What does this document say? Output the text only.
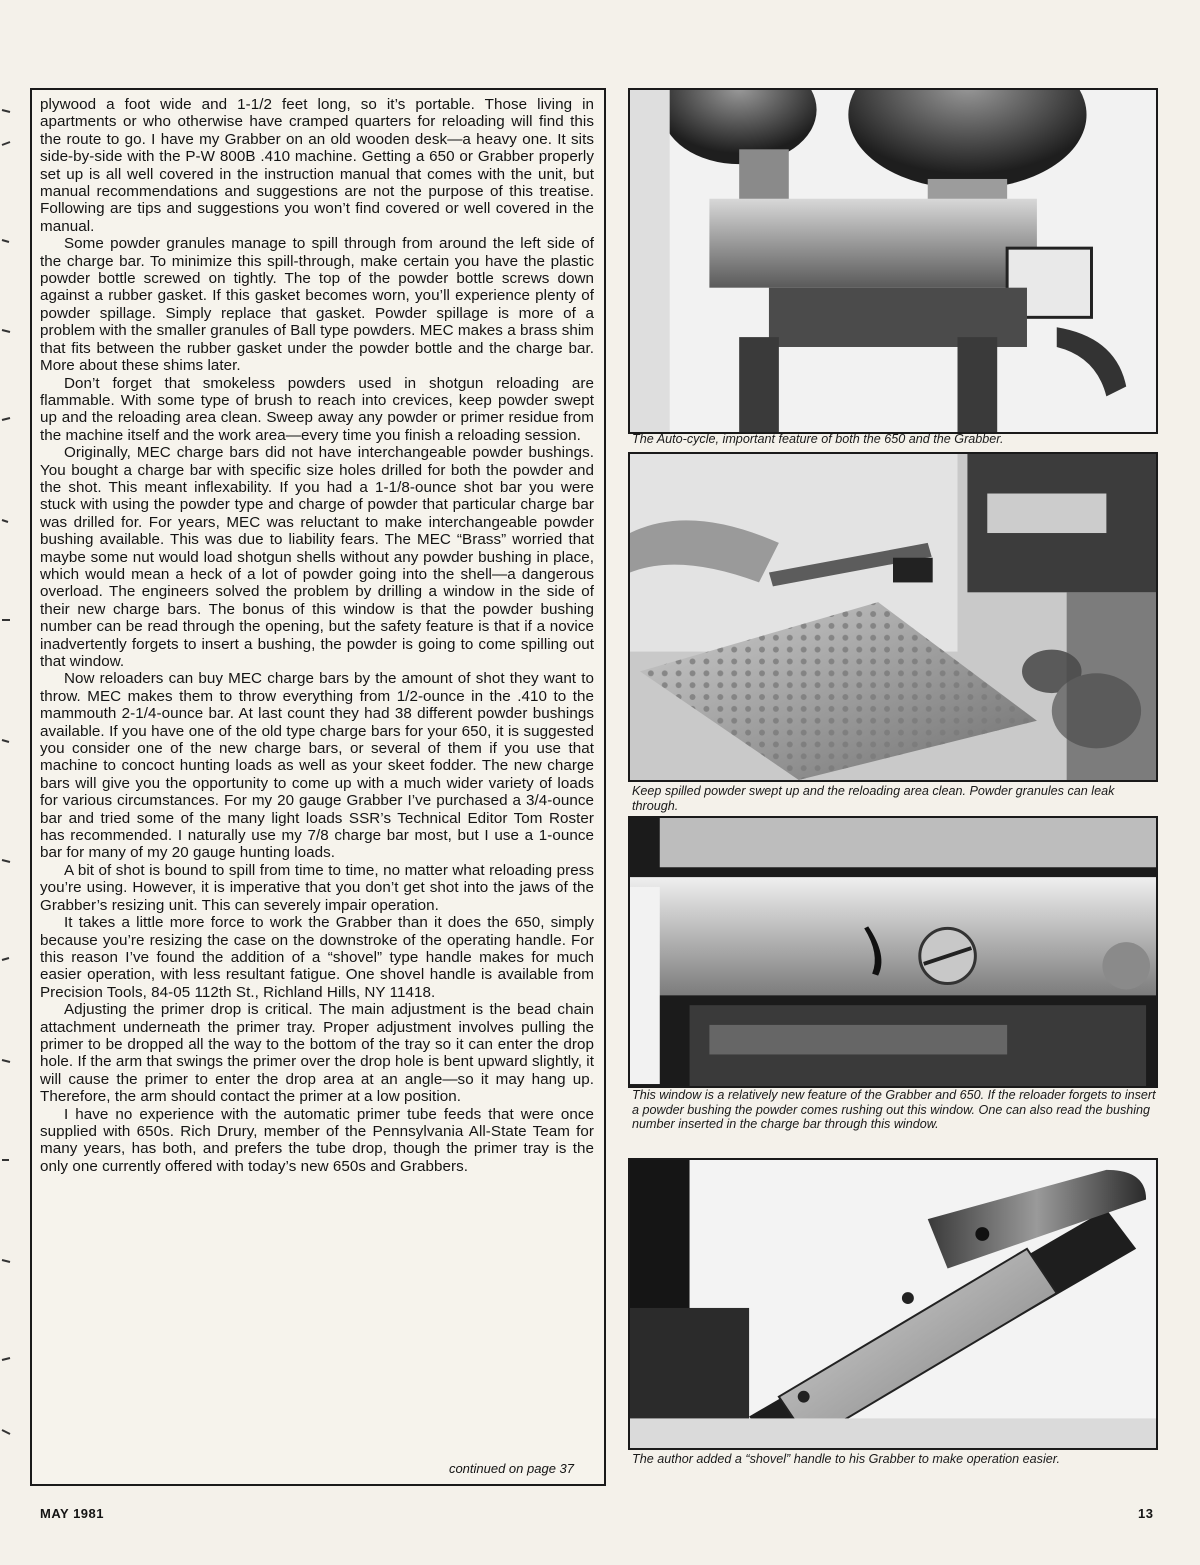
plywood a foot wide and 1-1/2 feet long, so it’s portable. Those living in apartments or who otherwise have cramped quarters for reloading will find this the route to go. I have my Grabber on an old wooden desk—a heavy one. It sits side-by-side with the P-W 800B .410 machine. Getting a 650 or Grabber properly set up is all well covered in the instruction manual that comes with the unit, but manual recommendations and suggestions are not the purpose of this treatise. Following are tips and suggestions you won’t find covered or well covered in the manual.

Some powder granules manage to spill through from around the left side of the charge bar. To minimize this spill-through, make certain you have the plastic powder bottle screwed on tightly. The top of the powder bottle screws down against a rubber gasket. If this gasket becomes worn, you’ll experience plenty of powder spillage. Simply replace that gasket. Powder spillage is more of a problem with the smaller granules of Ball type powders. MEC makes a brass shim that fits between the rubber gasket under the powder bottle and the charge bar. More about these shims later.

Don’t forget that smokeless powders used in shotgun reloading are flammable. With some type of brush to reach into crevices, keep powder swept up and the reloading area clean. Sweep away any powder or primer residue from the machine itself and the work area—every time you finish a reloading session.

Originally, MEC charge bars did not have interchangeable powder bushings. You bought a charge bar with specific size holes drilled for both the powder and the shot. This meant inflexability. If you had a 1-1/8-ounce shot bar you were stuck with using the powder type and charge of powder that particular charge bar was drilled for. For years, MEC was reluctant to make interchangeable powder bushing available. This was due to liability fears. The MEC “Brass” worried that maybe some nut would load shotgun shells without any powder bushing in place, which would mean a heck of a lot of powder going into the shell—a dangerous overload. The engineers solved the problem by drilling a window in the side of their new charge bars. The bonus of this window is that the powder bushing number can be read through the opening, but the safety feature is that if a novice inadvertently forgets to insert a bushing, the powder is going to come spilling out that window.

Now reloaders can buy MEC charge bars by the amount of shot they want to throw. MEC makes them to throw everything from 1/2-ounce in the .410 to the mammouth 2-1/4-ounce bar. At last count they had 38 different powder bushings available. If you have one of the old type charge bars for your 650, it is suggested you consider one of the new charge bars, or several of them if you use that machine to concoct hunting loads as well as your skeet fodder. The new charge bars will give you the opportunity to come up with a much wider variety of loads for various circumstances. For my 20 gauge Grabber I’ve purchased a 3/4-ounce bar and tried some of the many light loads SSR’s Technical Editor Tom Roster has recommended. I naturally use my 7/8 charge bar most, but I use a 1-ounce bar for many of my 20 gauge hunting loads.

A bit of shot is bound to spill from time to time, no matter what reloading press you’re using. However, it is imperative that you don’t get shot into the jaws of the Grabber’s resizing unit. This can severely impair operation.

It takes a little more force to work the Grabber than it does the 650, simply because you’re resizing the case on the downstroke of the operating handle. For this reason I’ve found the addition of a “shovel” type handle makes for much easier operation, with less resultant fatigue. One shovel handle is available from Precision Tools, 84-05 112th St., Richland Hills, NY 11418.

Adjusting the primer drop is critical. The main adjustment is the bead chain attachment underneath the primer tray. Proper adjustment involves pulling the primer to be dropped all the way to the bottom of the tray so it can enter the drop hole. If the arm that swings the primer over the drop hole is bent upward slightly, it will cause the primer to enter the drop area at an angle—so it may hang up. Therefore, the arm should contact the primer at a low position.

I have no experience with the automatic primer tube feeds that were once supplied with 650s. Rich Drury, member of the Pennsylvania All-State Team for many years, has both, and prefers the tube drop, though the primer tray is the only one currently offered with today’s new 650s and Grabbers.

continued on page 37
The Auto-cycle, important feature of both the 650 and the Grabber.
Keep spilled powder swept up and the reloading area clean. Powder granules can leak through.
This window is a relatively new feature of the Grabber and 650. If the reloader forgets to insert a powder bushing the powder comes rushing out this window. One can also read the bushing number inserted in the charge bar through this window.
The author added a “shovel” handle to his Grabber to make operation easier.
MAY 1981	13
